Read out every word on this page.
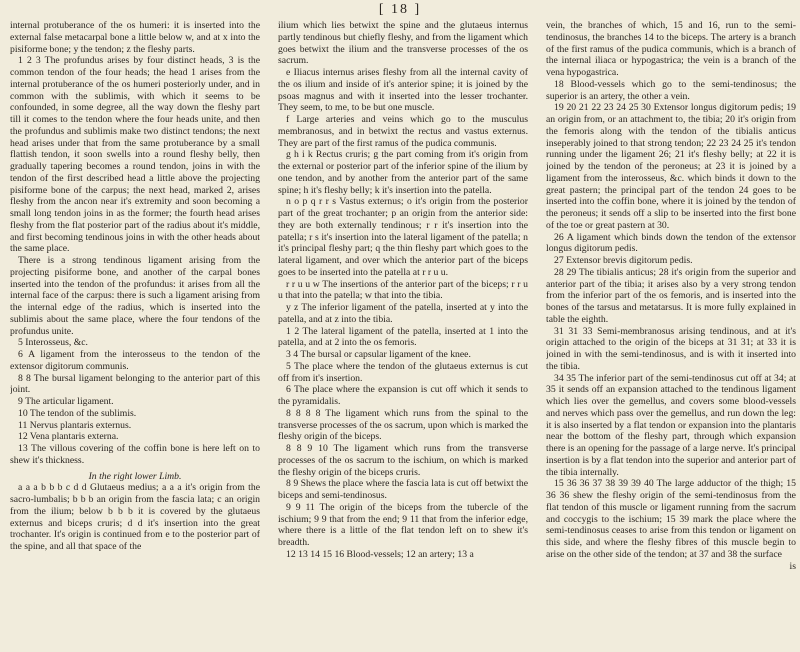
[ 18 ]

internal protuberance of the os humeri: it is inserted into the external false metacarpal bone a little below w, and at x into the pisiforme bone; y the tendon; z the fleshy parts.

1 2 3 The profundus arises by four distinct heads, 3 is the common tendon of the four heads; the head 1 arises from the internal protuberance of the os humeri posteriorly under, and in common with the sublimis, with which it seems to be confounded, in some degree, all the way down the fleshy part till it comes to the tendon where the four heads unite, and then the profundus and sublimis make two distinct tendons; the next head arises under that from the same protuberance by a small flattish tendon, it soon swells into a round fleshy belly, then gradually tapering becomes a round tendon, joins in with the tendon of the first described head a little above the projecting pisiforme bone of the carpus; the next head, marked 2, arises fleshy from the ancon near it's extremity and soon becoming a small long tendon joins in as the former; the fourth head arises fleshy from the flat posterior part of the radius about it's middle, and first becoming tendinous joins in with the other heads about the same place.

There is a strong tendinous ligament arising from the projecting pisiforme bone, and another of the carpal bones inserted into the tendon of the profundus: it arises from all the internal face of the carpus: there is such a ligament arising from the internal edge of the radius, which is inserted into the sublimis about the same place, where the four tendons of the profundus unite.

5 Interosseus, &c.

6 A ligament from the interosseus to the tendon of the extensor digitorum communis.

8 8 The bursal ligament belonging to the anterior part of this joint.

9 The articular ligament.

10 The tendon of the sublimis.

11 Nervus plantaris externus.

12 Vena plantaris externa.

13 The villous covering of the coffin bone is here left on to shew it's thickness.

In the right lower Limb.

a a a b b b c d d Glutaeus medius; a a a it's origin from the sacro-lumbalis; b b b an origin from the fascia lata; c an origin from the ilium; below b b b it is covered by the glutaeus externus and biceps cruris; d d it's insertion into the great trochanter. It's origin is continued from e to the posterior part of the spine, and all that space of the

ilium which lies betwixt the spine and the glutaeus internus partly tendinous but chiefly fleshy, and from the ligament which goes betwixt the ilium and the transverse processes of the os sacrum.

e Iliacus internus arises fleshy from all the internal cavity of the os ilium and inside of it's anterior spine; it is joined by the psoas magnus and with it inserted into the lesser trochanter. They seem, to me, to be but one muscle.

f Large arteries and veins which go to the musculus membranosus, and in betwixt the rectus and vastus externus. They are part of the first ramus of the pudica communis.

g h i k Rectus cruris; g the part coming from it's origin from the external or posterior part of the inferior spine of the ilium by one tendon, and by another from the anterior part of the same spine; h it's fleshy belly; k it's insertion into the patella.

n o p q r r s Vastus externus; o it's origin from the posterior part of the great trochanter; p an origin from the anterior side: they are both externally tendinous; r r it's insertion into the patella; r s it's insertion into the lateral ligament of the patella; n it's principal fleshy part; q the thin fleshy part which goes to the lateral ligament, and over which the anterior part of the biceps goes to be inserted into the patella at r r u u.

r r u u w The insertions of the anterior part of the biceps; r r u u that into the patella; w that into the tibia.

y z The inferior ligament of the patella, inserted at y into the patella, and at z into the tibia.

1 2 The lateral ligament of the patella, inserted at 1 into the patella, and at 2 into the os femoris.

3 4 The bursal or capsular ligament of the knee.

5 The place where the tendon of the glutaeus externus is cut off from it's insertion.

6 The place where the expansion is cut off which it sends to the pyramidalis.

8 8 8 8 The ligament which runs from the spinal to the transverse processes of the os sacrum, upon which is marked the fleshy origin of the biceps.

8 8 9 10 The ligament which runs from the transverse processes of the os sacrum to the ischium, on which is marked the fleshy origin of the biceps cruris.

8 9 Shews the place where the fascia lata is cut off betwixt the biceps and semi-tendinosus.

9 9 11 The origin of the biceps from the tubercle of the ischium; 9 9 that from the end; 9 11 that from the inferior edge, where there is a little of the flat tendon left on to shew it's breadth.

12 13 14 15 16 Blood-vessels; 12 an artery; 13 a

vein, the branches of which, 15 and 16, run to the semi-tendinosus, the branches 14 to the biceps. The artery is a branch of the first ramus of the pudica communis, which is a branch of the internal iliaca or hypogastrica; the vein is a branch of the vena hypogastrica.

18 Blood-vessels which go to the semi-tendinosus; the superior is an artery, the other a vein.

19 20 21 22 23 24 25 30 Extensor longus digitorum pedis; 19 an origin from, or an attachment to, the tibia; 20 it's origin from the femoris along with the tendon of the tibialis anticus inseperably joined to that strong tendon; 22 23 24 25 it's tendon running under the ligament 26; 21 it's fleshy belly; at 22 it is joined by the tendon of the peroneus; at 23 it is joined by a ligament from the interosseus, &c. which binds it down to the great pastern; the principal part of the tendon 24 goes to be inserted into the coffin bone, where it is joined by the tendon of the peroneus; it sends off a slip to be inserted into the first bone of the toe or great pastern at 30.

26 A ligament which binds down the tendon of the extensor longus digitorum pedis.

27 Extensor brevis digitorum pedis.

28 29 The tibialis anticus; 28 it's origin from the superior and anterior part of the tibia; it arises also by a very strong tendon from the inferior part of the os femoris, and is inserted into the bones of the tarsus and metatarsus. It is more fully explained in table the eighth.

31 31 33 Semi-membranosus arising tendinous, and at it's origin attached to the origin of the biceps at 31 31; at 33 it is joined in with the semi-tendinosus, and is with it inserted into the tibia.

34 35 The inferior part of the semi-tendinosus cut off at 34; at 35 it sends off an expansion attached to the tendinous ligament which lies over the gemellus, and covers some blood-vessels and nerves which pass over the gemellus, and run down the leg: it is also inserted by a flat tendon or expansion into the plantaris near the bottom of the fleshy part, through which expansion there is an opening for the passage of a large nerve. It's principal insertion is by a flat tendon into the superior and anterior part of the tibia internally.

15 36 36 37 38 39 39 40 The large adductor of the thigh; 15 36 36 shew the fleshy origin of the semi-tendinosus from the flat tendon of this muscle or ligament running from the sacrum and coccygis to the ischium; 15 39 mark the place where the semi-tendinosus ceases to arise from this tendon or ligament on this side, and where the fleshy fibres of this muscle begin to arise on the other side of the tendon; at 37 and 38 the surface

is
